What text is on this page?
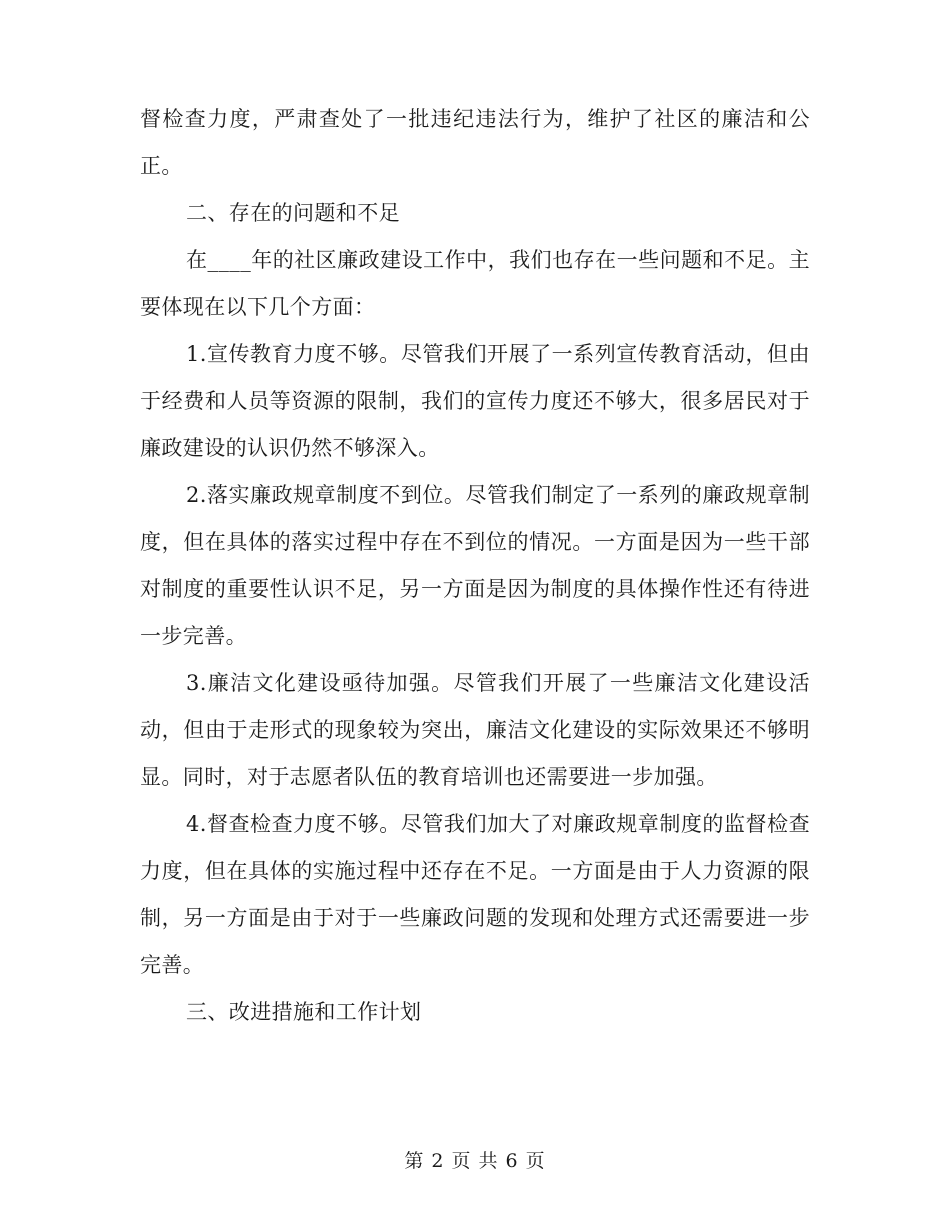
督检查力度，严肃查处了一批违纪违法行为，维护了社区的廉洁和公正。

二、存在的问题和不足

在____年的社区廉政建设工作中，我们也存在一些问题和不足。主要体现在以下几个方面：

1.宣传教育力度不够。尽管我们开展了一系列宣传教育活动，但由于经费和人员等资源的限制，我们的宣传力度还不够大，很多居民对于廉政建设的认识仍然不够深入。

2.落实廉政规章制度不到位。尽管我们制定了一系列的廉政规章制度，但在具体的落实过程中存在不到位的情况。一方面是因为一些干部对制度的重要性认识不足，另一方面是因为制度的具体操作性还有待进一步完善。

3.廉洁文化建设亟待加强。尽管我们开展了一些廉洁文化建设活动，但由于走形式的现象较为突出，廉洁文化建设的实际效果还不够明显。同时，对于志愿者队伍的教育培训也还需要进一步加强。

4.督查检查力度不够。尽管我们加大了对廉政规章制度的监督检查力度，但在具体的实施过程中还存在不足。一方面是由于人力资源的限制，另一方面是由于对于一些廉政问题的发现和处理方式还需要进一步完善。

三、改进措施和工作计划

第 2 页 共 6 页
